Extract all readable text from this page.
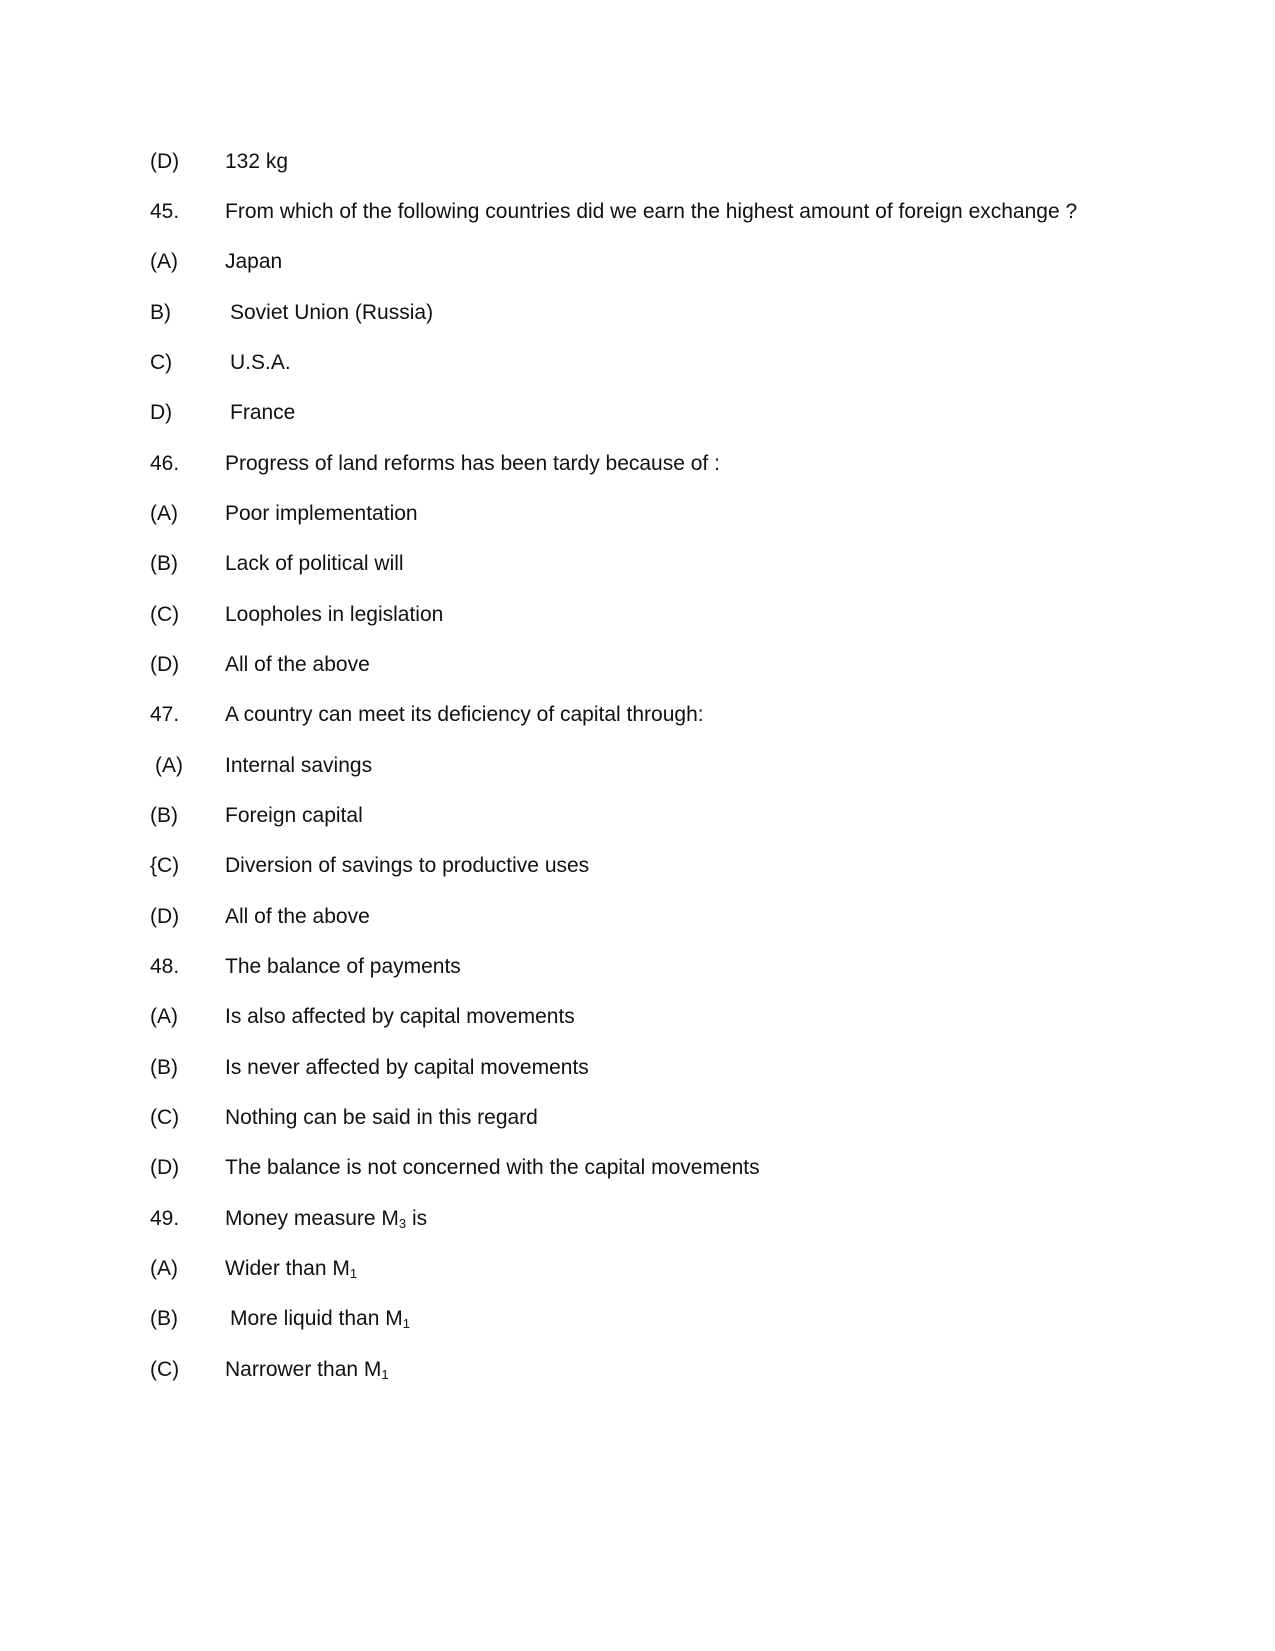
(D) 132 kg
45. From which of the following countries did we earn the highest amount of foreign exchange ?
(A) Japan
B)	Soviet Union (Russia)
C)	U.S.A.
D)	France
46. Progress of land reforms has been tardy because of :
(A) Poor implementation
(B) Lack of political will
(C) Loopholes in legislation
(D) All of the above
47. A country can meet its deficiency of capital through:
(A) Internal savings
(B) Foreign capital
{C) Diversion of savings to productive uses
(D) All of the above
48. The balance of payments
(A) Is also affected by capital movements
(B) Is never affected by capital movements
(C) Nothing can be said in this regard
(D) The balance is not concerned with the capital movements
49. Money measure $M_3$ is
(A) Wider than $M_1$
(B) More liquid than $M_1$
(C) Narrower than $M_1$
